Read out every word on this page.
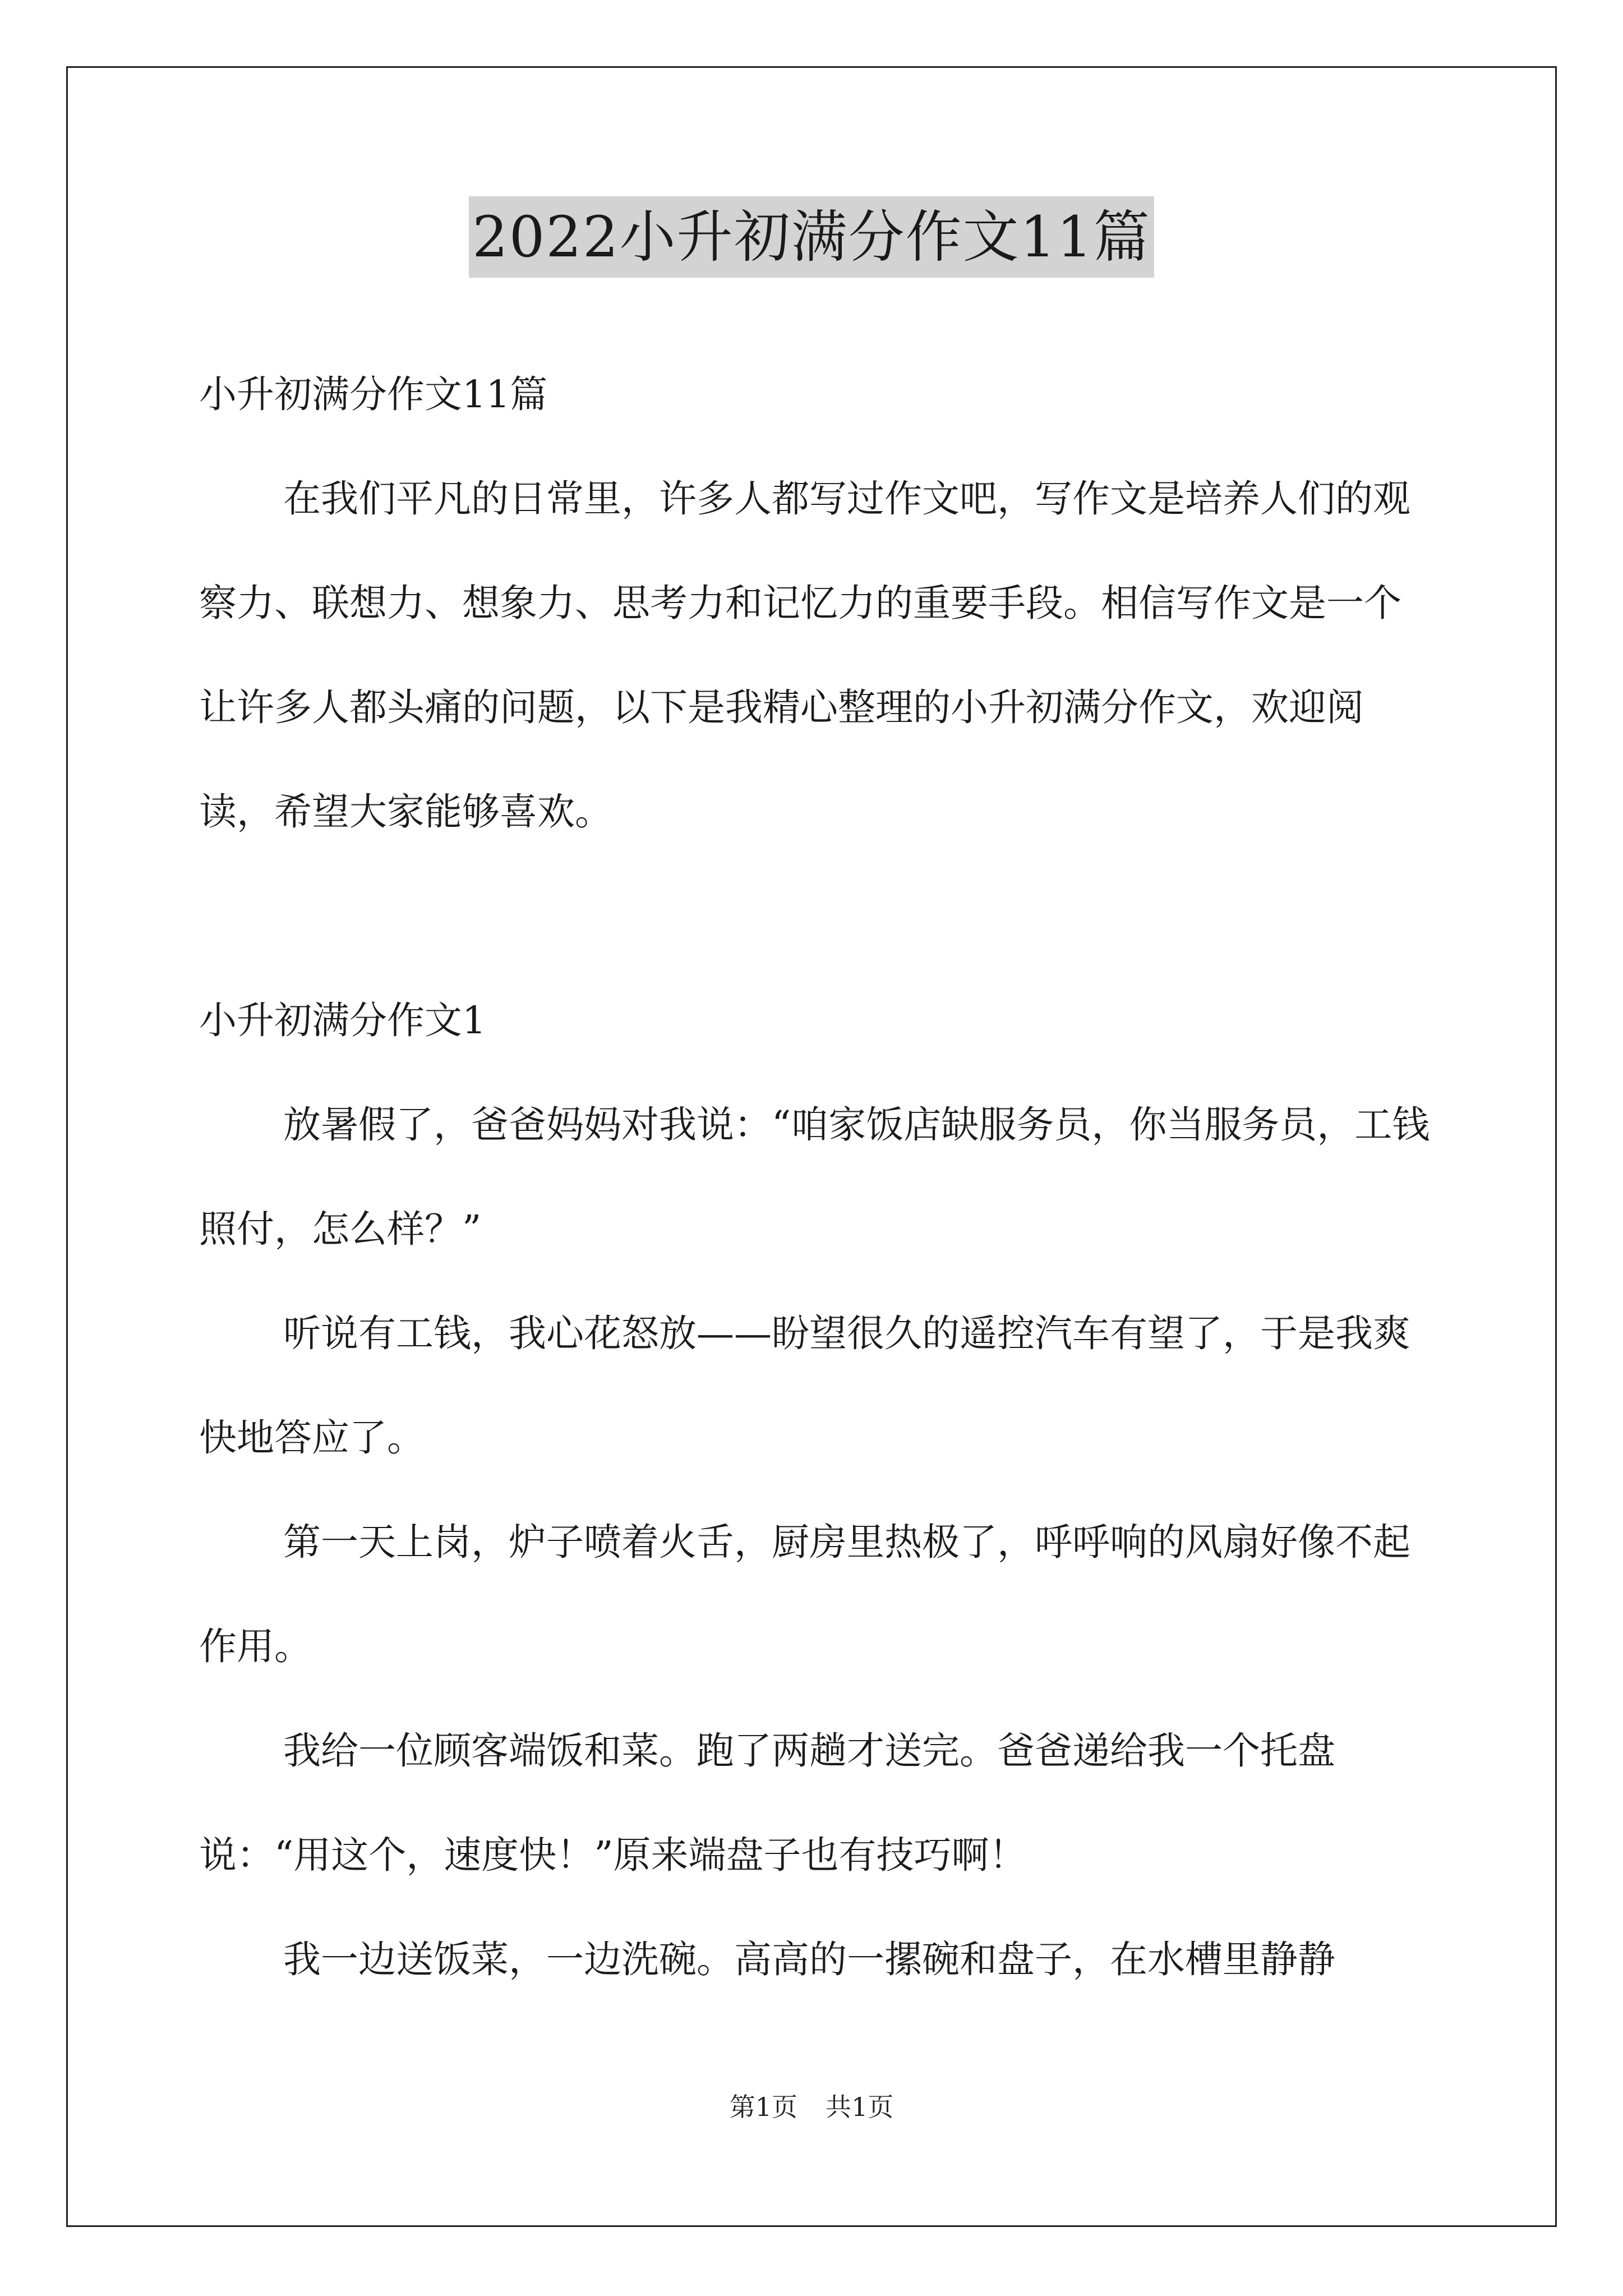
2022小升初满分作文11篇

小升初满分作文11篇

在我们平凡的日常里，许多人都写过作文吧，写作文是培养人们的观察力、联想力、想象力、思考力和记忆力的重要手段。相信写作文是一个让许多人都头痛的问题，以下是我精心整理的小升初满分作文，欢迎阅读，希望大家能够喜欢。

小升初满分作文1

放暑假了，爸爸妈妈对我说：“咱家饭店缺服务员，你当服务员，工钱照付，怎么样？”

听说有工钱，我心花怒放——盼望很久的遥控汽车有望了，于是我爽快地答应了。

第一天上岗，炉子喷着火舌，厨房里热极了，呼呼响的风扇好像不起作用。

我给一位顾客端饭和菜。跑了两趟才送完。爸爸递给我一个托盘说：“用这个，速度快！”原来端盘子也有技巧啊！

我一边送饭菜，一边洗碗。高高的一摞碗和盘子，在水槽里静静

第1页 共1页
